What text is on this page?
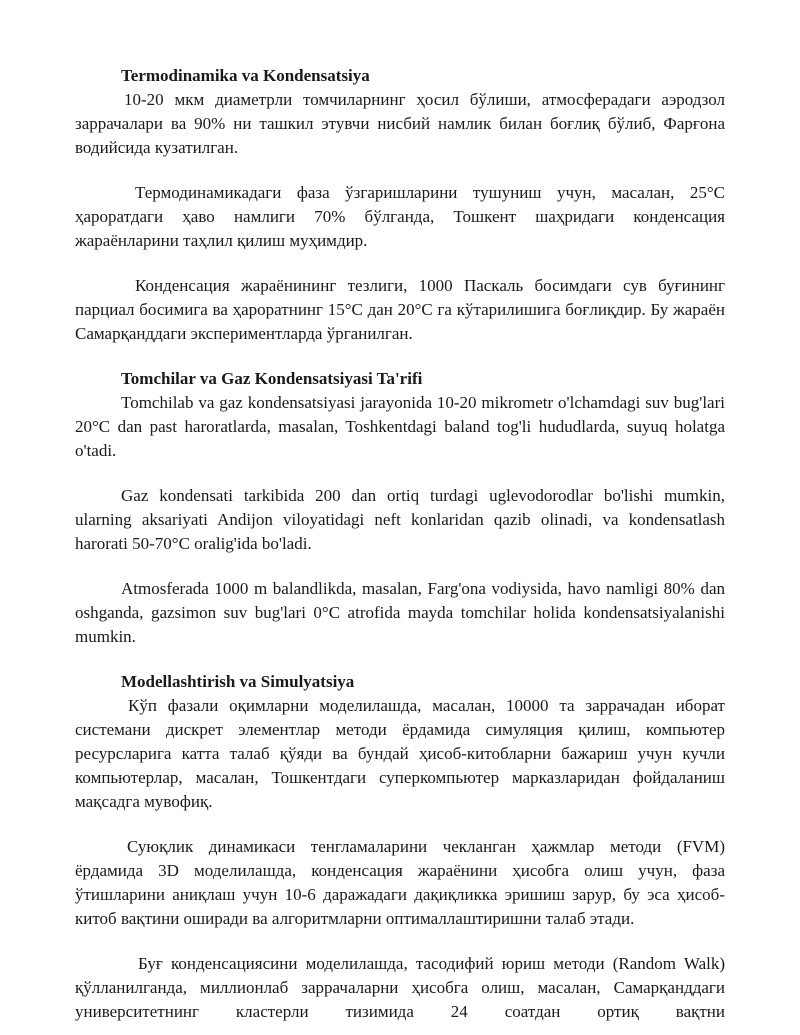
Termodinamika va Kondensatsiya

10-20 мкм диаметрли томчиларнинг ҳосил бўлиши, атмосферадаги аэродзол заррачалари ва 90% ни ташкил этувчи нисбий намлик билан боғлиқ бўлиб, Фарғона водийсида кузатилган.

Термодинамикадаги фаза ўзгаришларини тушуниш учун, масалан, 25°C ҳароратдаги ҳаво намлиги 70% бўлганда, Тошкент шаҳридаги конденсация жараёнларини таҳлил қилиш муҳимдир.

Конденсация жараёнининг тезлиги, 1000 Паскаль босимдаги сув буғининг парциал босимига ва ҳароратнинг 15°C дан 20°C га кўтарилишига боғлиқдир. Бу жараён Самарқанддаги экспериментларда ўрганилган.

Tomchilar va Gaz Kondensatsiyasi Ta'rifi

Tomchilab va gaz kondensatsiyasi jarayonida 10-20 mikrometr o'lchamdagi suv bug'lari 20°C dan past haroratlarda, masalan, Toshkentdagi baland tog'li hududlarda, suyuq holatga o'tadi.

Gaz kondensati tarkibida 200 dan ortiq turdagi uglevodorodlar bo'lishi mumkin, ularning aksariyati Andijon viloyatidagi neft konlaridan qazib olinadi, va kondensatlash harorati 50-70°C oralig'ida bo'ladi.

Atmosferada 1000 m balandlikda, masalan, Farg'ona vodiysida, havo namligi 80% dan oshganda, gazsimon suv bug'lari 0°C atrofida mayda tomchilar holida kondensatsiyalanishi mumkin.

Modellashtirish va Simulyatsiya

Кўп фазали оқимларни моделилашда, масалан, 10000 та заррачадан иборат системани дискрет элементлар методи ёрдамида симуляция қилиш, компьютер ресурсларига катта талаб қўяди ва бундай ҳисоб-китобларни бажариш учун кучли компьютерлар, масалан, Тошкентдаги суперкомпьютер марказларидан фойдаланиш мақсадга мувофиқ.

Суюқлик динамикаси тенгламаларини чекланган ҳажмлар методи (FVM) ёрдамида 3D моделилашда, конденсация жараёнини ҳисобга олиш учун, фаза ўтишларини аниқлаш учун 10-6 даражадаги дақиқликка эришиш зарур, бу эса ҳисоб-китоб вақтини оширади ва алгоритмларни оптималлаштиришни талаб этади.

Буғ конденсациясини моделилашда, тасодифий юриш методи (Random Walk) қўлланилганда, миллионлаб заррачаларни ҳисобга олиш, масалан, Самарқанддаги университетнинг кластерли тизимида 24 соатдан ортиқ вақтни
